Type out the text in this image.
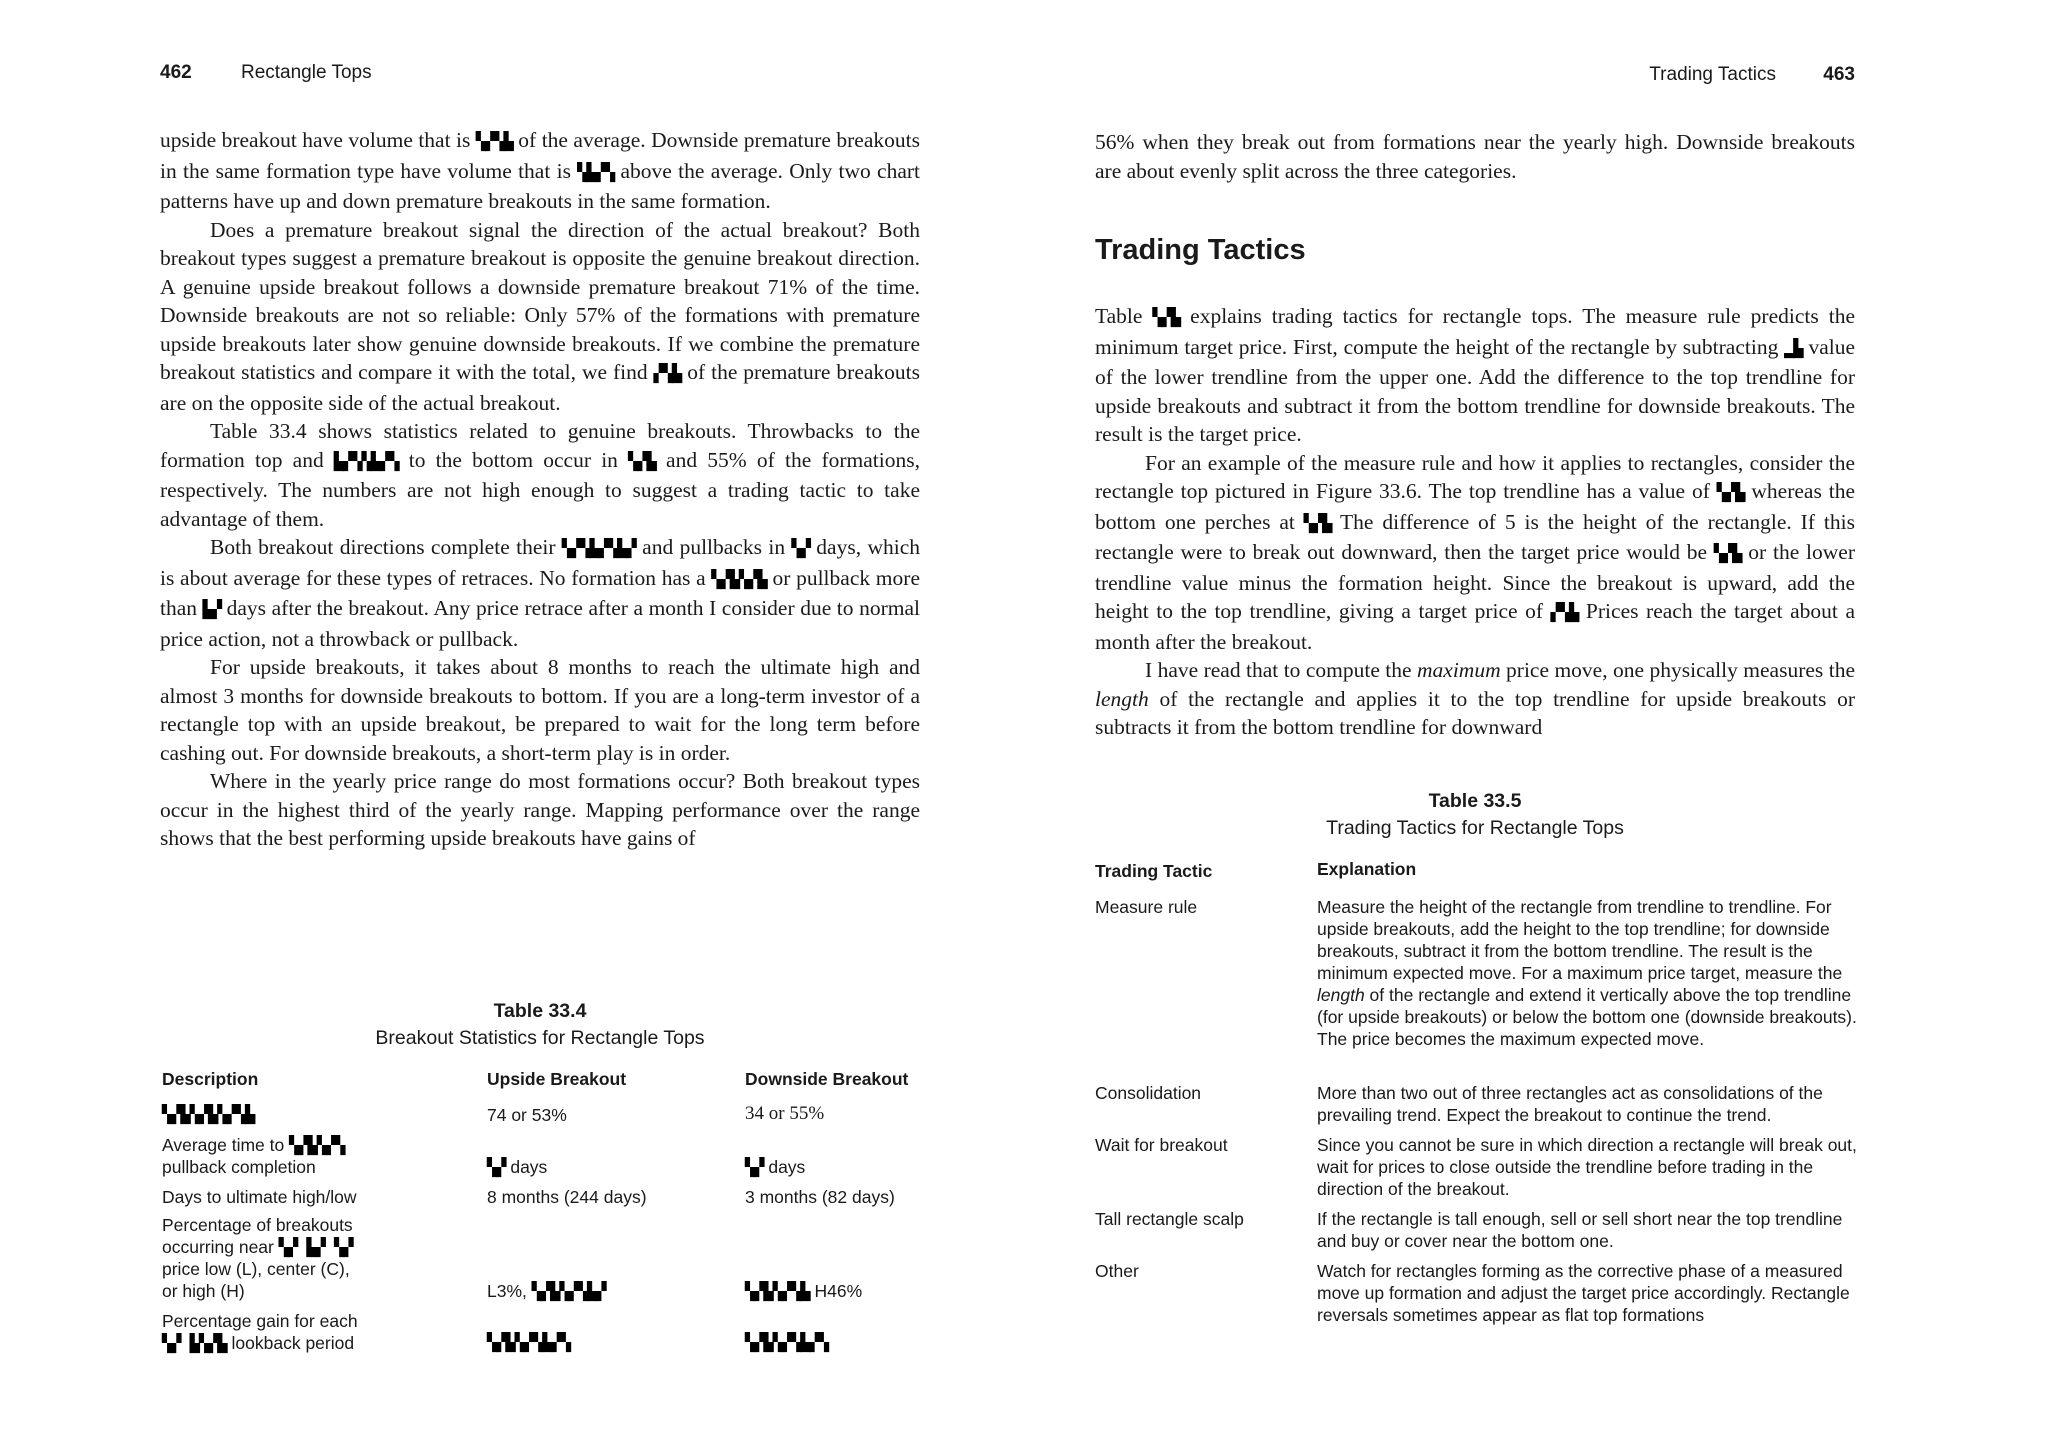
462	Rectangle Tops

upside breakout have volume that is ▚▞▚▙ of the average. Downside premature breakouts in the same formation type have volume that is ▚▙▞▚ above the average. Only two chart patterns have up and down premature breakouts in the same formation.

Does a premature breakout signal the direction of the actual breakout? Both breakout types suggest a premature breakout is opposite the genuine breakout direction. A genuine upside breakout follows a downside premature breakout 71% of the time. Downside breakouts are not so reliable: Only 57% of the formations with premature upside breakouts later show genuine downside breakouts. If we combine the premature breakout statistics and compare it with the total, we find ▞▚▙ of the premature breakouts are on the opposite side of the actual breakout.

Table 33.4 shows statistics related to genuine breakouts. Throwbacks to the formation top and ▙▞▚▚▙▞▚ to the bottom occur in ▚▞▙ and 55% of the formations, respectively. The numbers are not high enough to suggest a trading tactic to take advantage of them.

Both breakout directions complete their ▚▞▚▙▞▚▙▞ and pullbacks in ▚▞ days, which is about average for these types of retraces. No formation has a ▚▞▙▚▞▙ or pullback more than ▙▞ days after the breakout. Any price retrace after a month I consider due to normal price action, not a throwback or pullback.

For upside breakouts, it takes about 8 months to reach the ultimate high and almost 3 months for downside breakouts to bottom. If you are a long-term investor of a rectangle top with an upside breakout, be prepared to wait for the long term before cashing out. For downside breakouts, a short-term play is in order.

Where in the yearly price range do most formations occur? Both breakout types occur in the highest third of the yearly range. Mapping performance over the range shows that the best performing upside breakouts have gains of

Table 33.4
Breakout Statistics for Rectangle Tops
Description	Upside Breakout	Downside Breakout
▚▞▙▚▞▙▚▞▚▙	74 or 53%	34 or 55%
Average time to ▚▞▙▚▞▚
pullback completion	▚▞ days	▚▞ days
Days to ultimate high/low	8 months (244 days)	3 months (82 days)
Percentage of breakouts
occurring near ▚▞ ▙▞ ▚▞
price low (L), center (C),
or high (H)	L3%, ▚▞▙▚▞▚▙▞	▚▞▙▚▞▚▙ H46%
Percentage gain for each
▚▞ ▙▚▞▙ lookback period	▚▞▙▚▞▚▙▞▚	▚▞▙▚▞▚▙▞▚
Trading Tactics 463

56% when they break out from formations near the yearly high. Downside breakouts are about evenly split across the three categories.

Trading Tactics

Table ▚▞▙ explains trading tactics for rectangle tops. The measure rule predicts the minimum target price. First, compute the height of the rectangle by subtracting ▂▙ value of the lower trendline from the upper one. Add the difference to the top trendline for upside breakouts and subtract it from the bottom trendline for downside breakouts. The result is the target price.

For an example of the measure rule and how it applies to rectangles, consider the rectangle top pictured in Figure 33.6. The top trendline has a value of ▚▞▙ whereas the bottom one perches at ▚▞▙ The difference of 5 is the height of the rectangle. If this rectangle were to break out downward, then the target price would be ▚▞▙ or the lower trendline value minus the formation height. Since the breakout is upward, add the height to the top trendline, giving a target price of ▞▚▙ Prices reach the target about a month after the breakout.

I have read that to compute the maximum price move, one physically measures the length of the rectangle and applies it to the top trendline for upside breakouts or subtracts it from the bottom trendline for downward

Table 33.5
Trading Tactics for Rectangle Tops
Trading Tactic	Explanation
Measure rule	Measure the height of the rectangle from trendline to trendline. For upside breakouts, add the height to the top trendline; for downside breakouts, subtract it from the bottom trendline. The result is the minimum expected move. For a maximum price target, measure the length of the rectangle and extend it vertically above the top trendline (for upside breakouts) or below the bottom one (downside breakouts). The price becomes the maximum expected move.
Consolidation	More than two out of three rectangles act as consolidations of the prevailing trend. Expect the breakout to continue the trend.
Wait for breakout	Since you cannot be sure in which direction a rectangle will break out, wait for prices to close outside the trendline before trading in the direction of the breakout.
Tall rectangle scalp	If the rectangle is tall enough, sell or sell short near the top trendline and buy or cover near the bottom one.
Other	Watch for rectangles forming as the corrective phase of a measured move up formation and adjust the target price accordingly. Rectangle reversals sometimes appear as flat top formations
